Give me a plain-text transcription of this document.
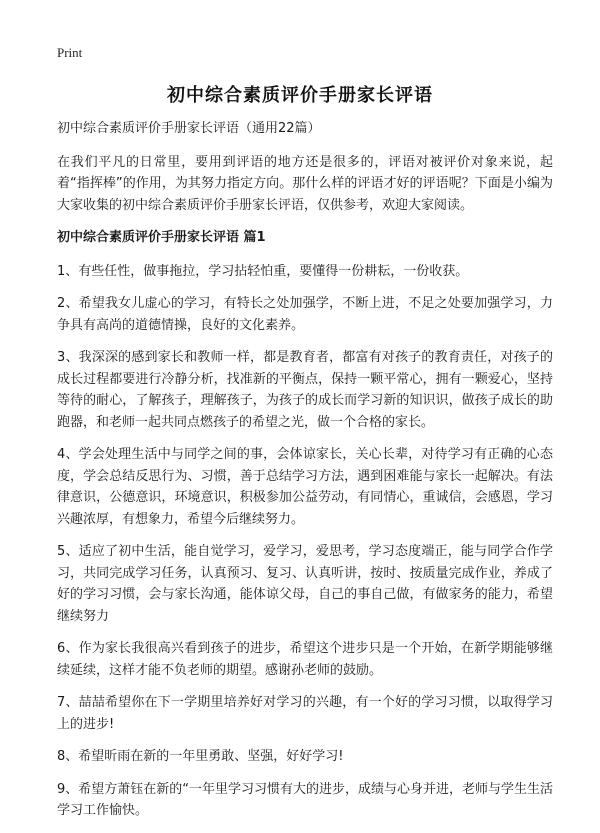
Print
初中综合素质评价手册家长评语

初中综合素质评价手册家长评语（通用22篇）

在我们平凡的日常里，要用到评语的地方还是很多的，评语对被评价对象来说，起着“指挥棒”的作用，为其努力指定方向。那什么样的评语才好的评语呢？下面是小编为大家收集的初中综合素质评价手册家长评语，仅供参考，欢迎大家阅读。

初中综合素质评价手册家长评语 篇1

1、有些任性，做事拖拉，学习拈轻怕重，要懂得一份耕耘，一份收获。

2、希望我女儿虚心的学习，有特长之处加强学，不断上进，不足之处要加强学习，力争具有高尚的道德情操，良好的文化素养。

3、我深深的感到家长和教师一样，都是教育者，都富有对孩子的教育责任，对孩子的成长过程都要进行冷静分析，找准新的平衡点，保持一颗平常心，拥有一颗爱心，坚持等待的耐心，了解孩子，理解孩子，为孩子的成长而学习新的知识识，做孩子成长的助跑器，和老师一起共同点燃孩子的希望之光，做一个合格的家长。

4、学会处理生活中与同学之间的事，会体谅家长，关心长辈，对待学习有正确的心态度，学会总结反思行为、习惯，善于总结学习方法，遇到困难能与家长一起解决。有法律意识，公德意识，环境意识，积极参加公益劳动，有同情心，重诚信，会感恩，学习兴趣浓厚，有想象力，希望今后继续努力。

5、适应了初中生活，能自觉学习，爱学习，爱思考，学习态度端正，能与同学合作学习，共同完成学习任务，认真预习、复习、认真听讲，按时、按质量完成作业，养成了好的学习习惯，会与家长沟通，能体谅父母，自己的事自己做，有做家务的能力，希望继续努力

6、作为家长我很高兴看到孩子的进步，希望这个进步只是一个开始，在新学期能够继续延续，这样才能不负老师的期望。感谢孙老师的鼓励。

7、喆喆希望你在下一学期里培养好对学习的兴趣，有一个好的学习习惯，以取得学习上的进步!

8、希望昕雨在新的一年里勇敢、坚强，好好学习!

9、希望方萧钰在新的“一年里学习习惯有大的进步，成绩与心身并进，老师与学生生活学习工作愉快。
